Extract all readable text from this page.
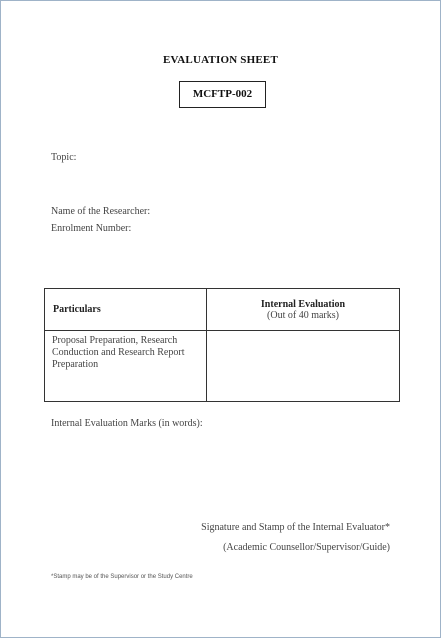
EVALUATION SHEET
MCFTP-002
Topic:
Name of the Researcher:
Enrolment Number:
Particulars	Internal Evaluation
(Out of 40 marks)

Proposal Preparation, Research Conduction and Research Report Preparation	
Internal Evaluation Marks (in words):
Signature and Stamp of the Internal Evaluator*
(Academic Counsellor/Supervisor/Guide)
*Stamp may be of the Supervisor or the Study Centre
